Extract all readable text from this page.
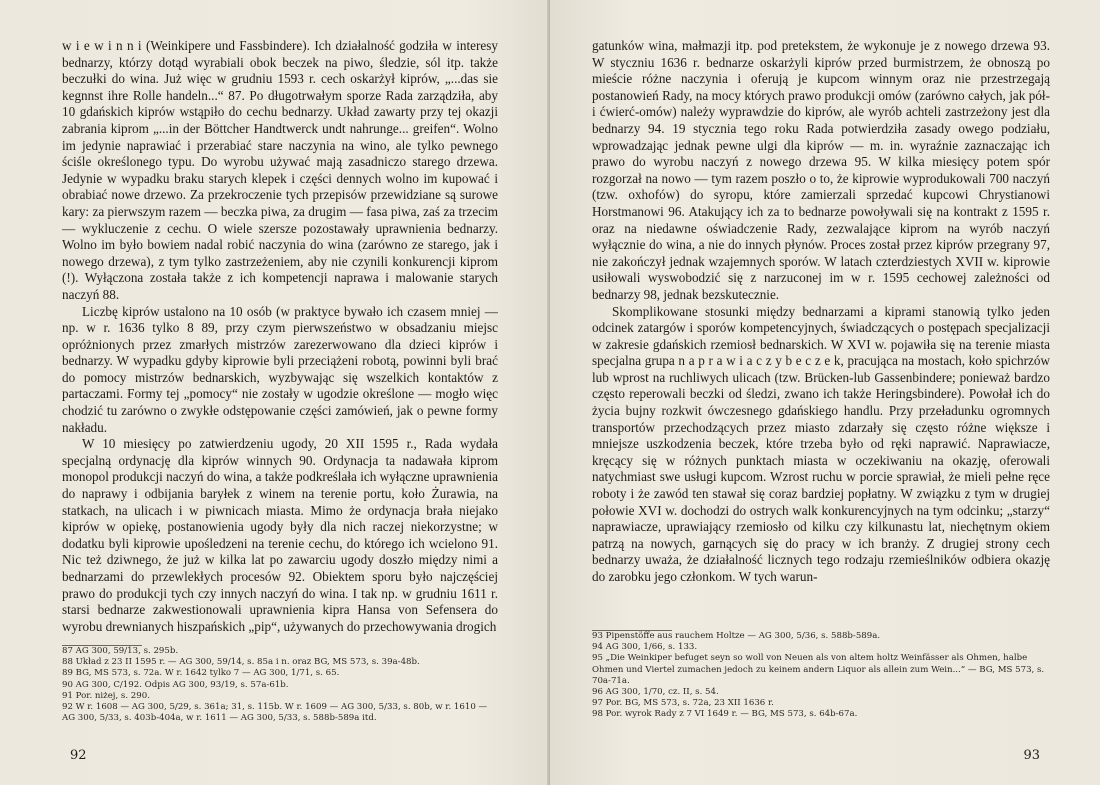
w i e w i n n i (Weinkipere und Fassbindere). Ich działalność godziła w interesy bednarzy, którzy dotąd wyrabiali obok beczek na piwo, śledzie, sól itp. także beczułki do wina. Już więc w grudniu 1593 r. cech oskarżył kiprów, „...das sie kegnnst ihre Rolle handeln...“ 87. Po długotrwałym sporze Rada zarządziła, aby 10 gdańskich kiprów wstąpiło do cechu bednarzy. Układ zawarty przy tej okazji zabrania kiprom „...in der Böttcher Handtwerck undt nahrunge... greifen“. Wolno im jedynie naprawiać i przerabiać stare naczynia na wino, ale tylko pewnego ściśle określonego typu. Do wyrobu używać mają zasadniczo starego drzewa. Jedynie w wypadku braku starych klepek i części dennych wolno im kupować i obrabiać nowe drzewo. Za przekroczenie tych przepisów przewidziane są surowe kary: za pierwszym razem — beczka piwa, za drugim — fasa piwa, zaś za trzecim — wykluczenie z cechu. O wiele szersze pozostawały uprawnienia bednarzy. Wolno im było bowiem nadal robić naczynia do wina (zarówno ze starego, jak i nowego drzewa), z tym tylko zastrzeżeniem, aby nie czynili konkurencji kiprom (!). Wyłączona została także z ich kompetencji naprawa i malowanie starych naczyń 88.

Liczbę kiprów ustalono na 10 osób (w praktyce bywało ich czasem mniej — np. w r. 1636 tylko 8 89, przy czym pierwszeństwo w obsadzaniu miejsc opróżnionych przez zmarłych mistrzów zarezerwowano dla dzieci kiprów i bednarzy. W wypadku gdyby kiprowie byli przeciążeni robotą, powinni byli brać do pomocy mistrzów bednarskich, wyzbywając się wszelkich kontaktów z partaczami. Formy tej „pomocy“ nie zostały w ugodzie określone — mogło więc chodzić tu zarówno o zwykłe odstępowanie części zamówień, jak o pewne formy nakładu.

W 10 miesięcy po zatwierdzeniu ugody, 20 XII 1595 r., Rada wydała specjalną ordynację dla kiprów winnych 90. Ordynacja ta nadawała kiprom monopol produkcji naczyń do wina, a także podkreślała ich wyłączne uprawnienia do naprawy i odbijania baryłek z winem na terenie portu, koło Żurawia, na statkach, na ulicach i w piwnicach miasta. Mimo że ordynacja brała niejako kiprów w opiekę, postanowienia ugody były dla nich raczej niekorzystne; w dodatku byli kiprowie upośledzeni na terenie cechu, do którego ich wcielono 91. Nic też dziwnego, że już w kilka lat po zawarciu ugody doszło między nimi a bednarzami do przewlekłych procesów 92. Obiektem sporu było najczęściej prawo do produkcji tych czy innych naczyń do wina. I tak np. w grudniu 1611 r. starsi bednarze zakwestionowali uprawnienia kipra Hansa von Sefensera do wyrobu drewnianych hiszpańskich „pip“, używanych do przechowywania drogich

87 AG 300, 59/13, s. 295b.
88 Układ z 23 II 1595 r. — AG 300, 59/14, s. 85a i n. oraz BG, MS 573, s. 39a-48b.
89 BG, MS 573, s. 72a. W r. 1642 tylko 7 — AG 300, 1/71, s. 65.
90 AG 300, C/192. Odpis AG 300, 93/19, s. 57a-61b.
91 Por. niżej, s. 290.
92 W r. 1608 — AG 300, 5/29, s. 361a; 31, s. 115b. W r. 1609 — AG 300, 5/33, s. 80b, w r. 1610 — AG 300, 5/33, s. 403b-404a, w r. 1611 — AG 300, 5/33, s. 588b-589a itd.
92

gatunków wina, małmazji itp. pod pretekstem, że wykonuje je z nowego drzewa 93. W styczniu 1636 r. bednarze oskarżyli kiprów przed burmistrzem, że obnoszą po mieście różne naczynia i oferują je kupcom winnym oraz nie przestrzegają postanowień Rady, na mocy których prawo produkcji omów (zarówno całych, jak pół- i ćwierć-omów) należy wyprawdzie do kiprów, ale wyrób achteli zastrzeżony jest dla bednarzy 94. 19 stycznia tego roku Rada potwierdziła zasady owego podziału, wprowadzając jednak pewne ulgi dla kiprów — m. in. wyraźnie zaznaczając ich prawo do wyrobu naczyń z nowego drzewa 95. W kilka miesięcy potem spór rozgorzał na nowo — tym razem poszło o to, że kiprowie wyprodukowali 700 naczyń (tzw. oxhofów) do syropu, które zamierzali sprzedać kupcowi Chrystianowi Horstmanowi 96. Atakujący ich za to bednarze powoływali się na kontrakt z 1595 r. oraz na niedawne oświadczenie Rady, zezwalające kiprom na wyrób naczyń wyłącznie do wina, a nie do innych płynów. Proces został przez kiprów przegrany 97, nie zakończył jednak wzajemnych sporów. W latach czterdziestych XVII w. kiprowie usiłowali wyswobodzić się z narzuconej im w r. 1595 cechowej zależności od bednarzy 98, jednak bezskutecznie.

Skomplikowane stosunki między bednarzami a kiprami stanowią tylko jeden odcinek zatargów i sporów kompetencyjnych, świadczących o postępach specjalizacji w zakresie gdańskich rzemiosł bednarskich. W XVI w. pojawiła się na terenie miasta specjalna grupa n a p r a w i a c z y b e c z e k, pracująca na mostach, koło spichrzów lub wprost na ruchliwych ulicach (tzw. Brücken-lub Gassenbindere; ponieważ bardzo często reperowali beczki od śledzi, zwano ich także Heringsbindere). Powołał ich do życia bujny rozkwit ówczesnego gdańskiego handlu. Przy przeładunku ogromnych transportów przechodzących przez miasto zdarzały się często różne większe i mniejsze uszkodzenia beczek, które trzeba było od ręki naprawić. Naprawiacze, kręcący się w różnych punktach miasta w oczekiwaniu na okazję, oferowali natychmiast swe usługi kupcom. Wzrost ruchu w porcie sprawiał, że mieli pełne ręce roboty i że zawód ten stawał się coraz bardziej popłatny. W związku z tym w drugiej połowie XVI w. dochodzi do ostrych walk konkurencyjnych na tym odcinku; „starzy“ naprawiacze, uprawiający rzemiosło od kilku czy kilkunastu lat, niechętnym okiem patrzą na nowych, garnących się do pracy w ich branży. Z drugiej strony cech bednarzy uważa, że działalność licznych tego rodzaju rzemieślników odbiera okazję do zarobku jego członkom. W tych warun-

93 Pipenstöffe aus rauchem Holtze — AG 300, 5/36, s. 588b-589a.
94 AG 300, 1/66, s. 133.
95 „Die Weinkiper befuget seyn so woll von Neuen als von altem holtz Weinfässer als Ohmen, halbe Ohmen und Viertel zumachen jedoch zu keinem andern Liquor als allein zum Wein...“ — BG, MS 573, s. 70a-71a.
96 AG 300, 1/70, cz. II, s. 54.
97 Por. BG, MS 573, s. 72a, 23 XII 1636 r.
98 Por. wyrok Rady z 7 VI 1649 r. — BG, MS 573, s. 64b-67a.
93
